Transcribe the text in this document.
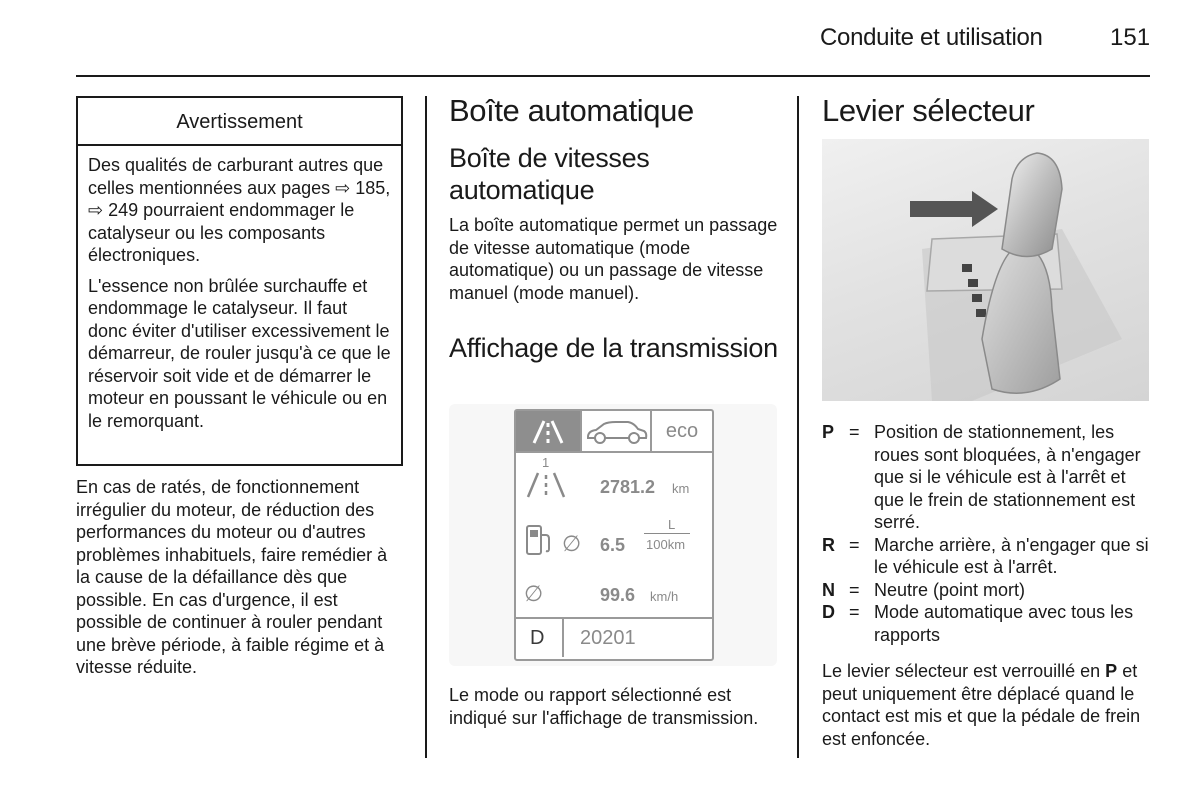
Conduite et utilisation	151
Avertissement

Des qualités de carburant autres que celles mentionnées aux pages ⇨ 185, ⇨ 249 pourraient endommager le catalyseur ou les composants électroniques.

L'essence non brûlée surchauffe et endommage le catalyseur. Il faut donc éviter d'utiliser excessivement le démarreur, de rouler jusqu'à ce que le réservoir soit vide et de démarrer le moteur en poussant le véhicule ou en le remorquant.

En cas de ratés, de fonctionnement irrégulier du moteur, de réduction des performances du moteur ou d'autres problèmes inhabituels, faire remédier à la cause de la défaillance dès que possible. En cas d'urgence, il est possible de continuer à rouler pendant une brève période, à faible régime et à vitesse réduite.

Boîte automatique
Boîte de vitesses automatique

La boîte automatique permet un passage de vitesse automatique (mode automatique) ou un passage de vitesse manuel (mode manuel).

Affichage de la transmission
eco
1
2781.2 km
∅ 6.5
L
100km
∅	99.6 km/h
D 20201

Le mode ou rapport sélectionné est indiqué sur l'affichage de transmission.

Levier sélecteur
P = Position de stationnement, les roues sont bloquées, à n'engager que si le véhicule est à l'arrêt et que le frein de stationnement est serré.
R = Marche arrière, à n'engager que si le véhicule est à l'arrêt.
N = Neutre (point mort)
D = Mode automatique avec tous les rapports

Le levier sélecteur est verrouillé en P et peut uniquement être déplacé quand le contact est mis et que la pédale de frein est enfoncée.
